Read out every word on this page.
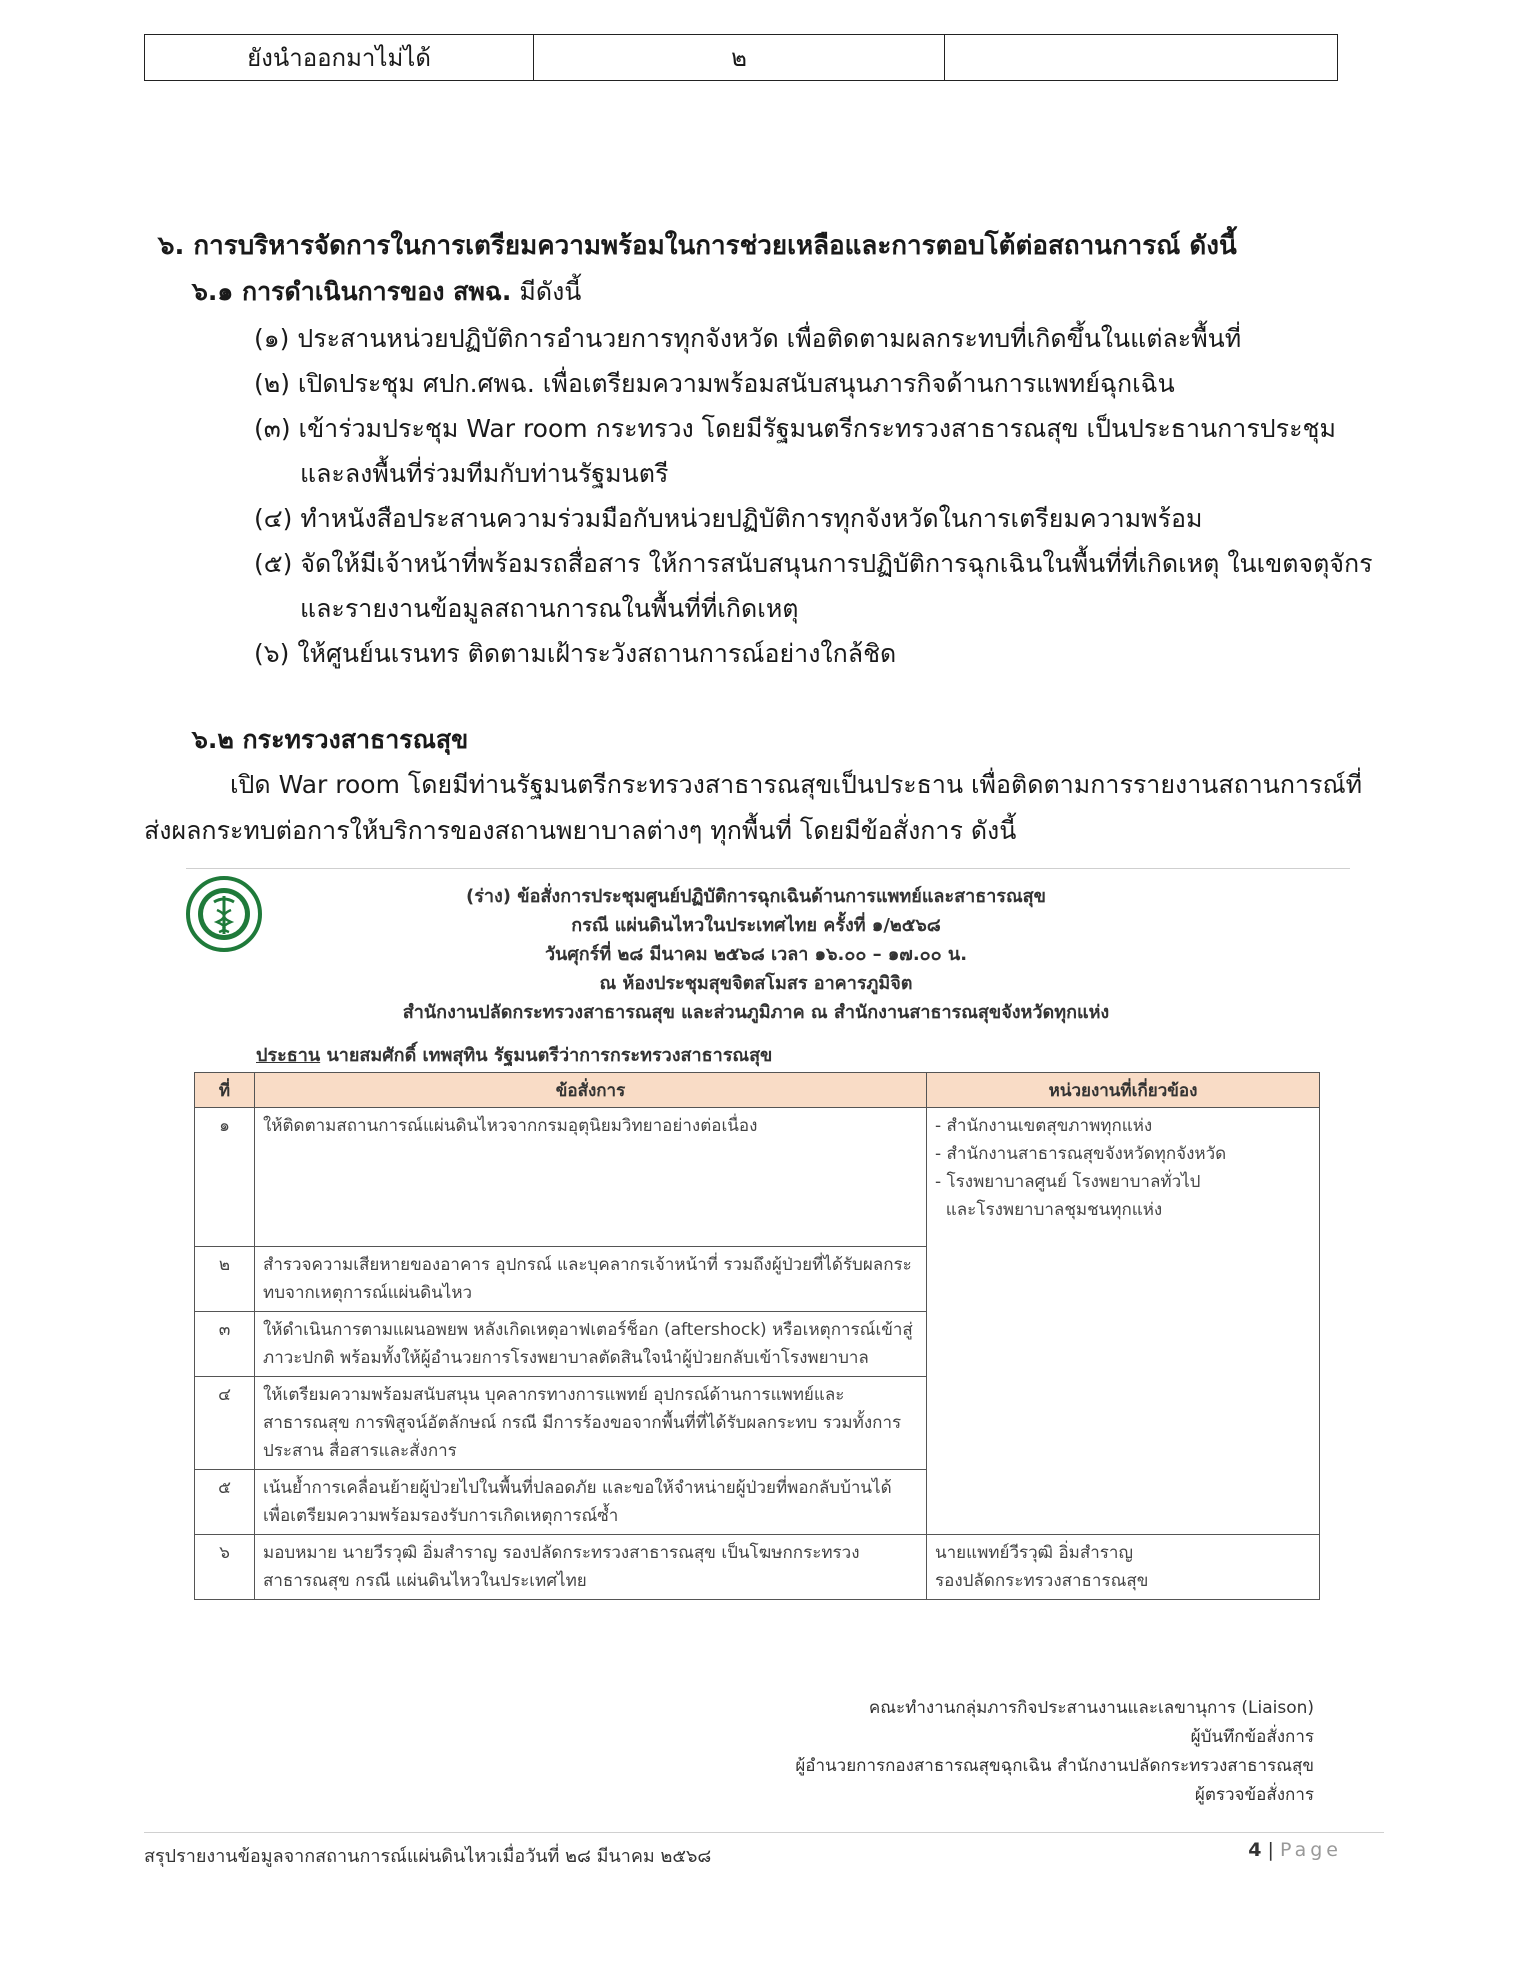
ยังนำออกมาไม่ได้	๒	
๖. การบริหารจัดการในการเตรียมความพร้อมในการช่วยเหลือและการตอบโต้ต่อสถานการณ์ ดังนี้
๖.๑ การดำเนินการของ สพฉ. มีดังนี้
(๑) ประสานหน่วยปฏิบัติการอำนวยการทุกจังหวัด เพื่อติดตามผลกระทบที่เกิดขึ้นในแต่ละพื้นที่
(๒) เปิดประชุม ศปก.ศพฉ. เพื่อเตรียมความพร้อมสนับสนุนภารกิจด้านการแพทย์ฉุกเฉิน
(๓) เข้าร่วมประชุม War room กระทรวง โดยมีรัฐมนตรีกระทรวงสาธารณสุข เป็นประธานการประชุม
และลงพื้นที่ร่วมทีมกับท่านรัฐมนตรี
(๔) ทำหนังสือประสานความร่วมมือกับหน่วยปฏิบัติการทุกจังหวัดในการเตรียมความพร้อม
(๕) จัดให้มีเจ้าหน้าที่พร้อมรถสื่อสาร ให้การสนับสนุนการปฏิบัติการฉุกเฉินในพื้นที่ที่เกิดเหตุ ในเขตจตุจักร
และรายงานข้อมูลสถานการณในพื้นที่ที่เกิดเหตุ
(๖) ให้ศูนย์นเรนทร ติดตามเฝ้าระวังสถานการณ์อย่างใกล้ชิด
๖.๒ กระทรวงสาธารณสุข
เปิด War room โดยมีท่านรัฐมนตรีกระทรวงสาธารณสุขเป็นประธาน เพื่อติดตามการรายงานสถานการณ์ที่
ส่งผลกระทบต่อการให้บริการของสถานพยาบาลต่างๆ ทุกพื้นที่ โดยมีข้อสั่งการ ดังนี้
(ร่าง) ข้อสั่งการประชุมศูนย์ปฏิบัติการฉุกเฉินด้านการแพทย์และสาธารณสุข
กรณี แผ่นดินไหวในประเทศไทย ครั้งที่ ๑/๒๕๖๘
วันศุกร์ที่ ๒๘ มีนาคม ๒๕๖๘ เวลา ๑๖.๐๐ – ๑๗.๐๐ น.
ณ ห้องประชุมสุขจิตสโมสร อาคารภูมิจิต
สำนักงานปลัดกระทรวงสาธารณสุข และส่วนภูมิภาค ณ สำนักงานสาธารณสุขจังหวัดทุกแห่ง
ประธาน นายสมศักดิ์ เทพสุทิน รัฐมนตรีว่าการกระทรวงสาธารณสุข
ที่	ข้อสั่งการ	หน่วยงานที่เกี่ยวข้อง
๑	ให้ติดตามสถานการณ์แผ่นดินไหวจากกรมอุตุนิยมวิทยาอย่างต่อเนื่อง	- สำนักงานเขตสุขภาพทุกแห่ง
- สำนักงานสาธารณสุขจังหวัดทุกจังหวัด
- โรงพยาบาลศูนย์ โรงพยาบาลทั่วไป
และโรงพยาบาลชุมชนทุกแห่ง

๒	สำรวจความเสียหายของอาคาร อุปกรณ์ และบุคลากรเจ้าหน้าที่ รวมถึงผู้ป่วยที่ได้รับผลกระทบจากเหตุการณ์แผ่นดินไหว	
๓	ให้ดำเนินการตามแผนอพยพ หลังเกิดเหตุอาฟเตอร์ช็อก (aftershock) หรือเหตุการณ์เข้าสู่ภาวะปกติ พร้อมทั้งให้ผู้อำนวยการโรงพยาบาลตัดสินใจนำผู้ป่วยกลับเข้าโรงพยาบาล	
๔	ให้เตรียมความพร้อมสนับสนุน บุคลากรทางการแพทย์ อุปกรณ์ด้านการแพทย์และสาธารณสุข การพิสูจน์อัตลักษณ์ กรณี มีการร้องขอจากพื้นที่ที่ได้รับผลกระทบ รวมทั้งการประสาน สื่อสารและสั่งการ	
๕	เน้นย้ำการเคลื่อนย้ายผู้ป่วยไปในพื้นที่ปลอดภัย และขอให้จำหน่ายผู้ป่วยที่พอกลับบ้านได้ เพื่อเตรียมความพร้อมรองรับการเกิดเหตุการณ์ซ้ำ	
๖	มอบหมาย นายวีรวุฒิ อิ่มสำราญ รองปลัดกระทรวงสาธารณสุข เป็นโฆษกกระทรวงสาธารณสุข กรณี แผ่นดินไหวในประเทศไทย	นายแพทย์วีรวุฒิ อิ่มสำราญ
รองปลัดกระทรวงสาธารณสุข
คณะทำงานกลุ่มภารกิจประสานงานและเลขานุการ (Liaison)
ผู้บันทึกข้อสั่งการ
ผู้อำนวยการกองสาธารณสุขฉุกเฉิน สำนักงานปลัดกระทรวงสาธารณสุข
ผู้ตรวจข้อสั่งการ
สรุปรายงานข้อมูลจากสถานการณ์แผ่นดินไหวเมื่อวันที่ ๒๘ มีนาคม ๒๕๖๘	4 | Page
